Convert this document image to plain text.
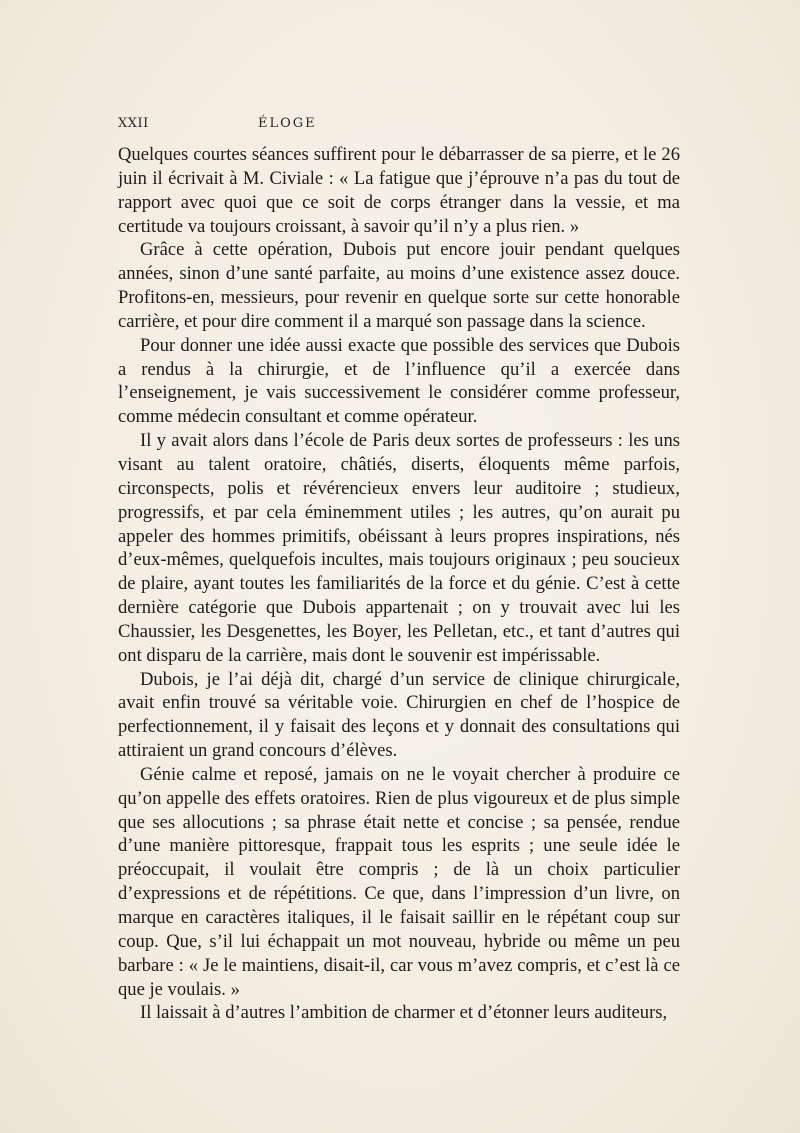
XXII	ÉLOGE

Quelques courtes séances suffirent pour le débarrasser de sa pierre, et le 26 juin il écrivait à M. Civiale : « La fatigue que j’éprouve n’a pas du tout de rapport avec quoi que ce soit de corps étranger dans la vessie, et ma certitude va toujours croissant, à savoir qu’il n’y a plus rien. »

Grâce à cette opération, Dubois put encore jouir pendant quelques années, sinon d’une santé parfaite, au moins d’une existence assez douce. Profitons-en, messieurs, pour revenir en quelque sorte sur cette honorable carrière, et pour dire comment il a marqué son passage dans la science.

Pour donner une idée aussi exacte que possible des services que Dubois a rendus à la chirurgie, et de l’influence qu’il a exercée dans l’enseignement, je vais successivement le considérer comme professeur, comme médecin consultant et comme opérateur.

Il y avait alors dans l’école de Paris deux sortes de professeurs : les uns visant au talent oratoire, châtiés, diserts, éloquents même parfois, circonspects, polis et révérencieux envers leur auditoire ; studieux, progressifs, et par cela éminemment utiles ; les autres, qu’on aurait pu appeler des hommes primitifs, obéissant à leurs propres inspirations, nés d’eux-mêmes, quelquefois incultes, mais toujours originaux ; peu soucieux de plaire, ayant toutes les familiarités de la force et du génie. C’est à cette dernière catégorie que Dubois appartenait ; on y trouvait avec lui les Chaussier, les Desgenettes, les Boyer, les Pelletan, etc., et tant d’autres qui ont disparu de la carrière, mais dont le souvenir est impérissable.

Dubois, je l’ai déjà dit, chargé d’un service de clinique chirurgicale, avait enfin trouvé sa véritable voie. Chirurgien en chef de l’hospice de perfectionnement, il y faisait des leçons et y donnait des consultations qui attiraient un grand concours d’élèves.

Génie calme et reposé, jamais on ne le voyait chercher à produire ce qu’on appelle des effets oratoires. Rien de plus vigoureux et de plus simple que ses allocutions ; sa phrase était nette et concise ; sa pensée, rendue d’une manière pittoresque, frappait tous les esprits ; une seule idée le préoccupait, il voulait être compris ; de là un choix particulier d’expressions et de répétitions. Ce que, dans l’impression d’un livre, on marque en caractères italiques, il le faisait saillir en le répétant coup sur coup. Que, s’il lui échappait un mot nouveau, hybride ou même un peu barbare : « Je le maintiens, disait-il, car vous m’avez compris, et c’est là ce que je voulais. »

Il laissait à d’autres l’ambition de charmer et d’étonner leurs auditeurs,
